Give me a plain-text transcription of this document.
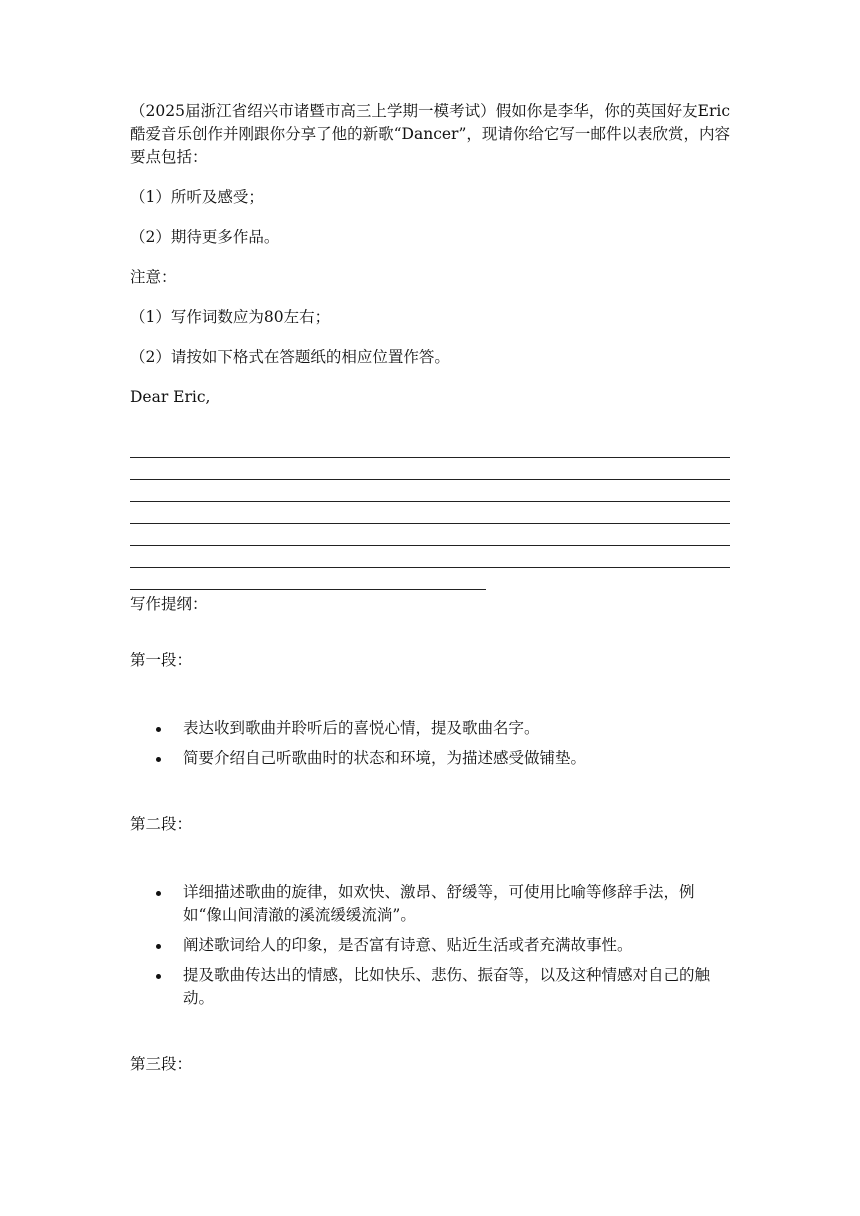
（2025届浙江省绍兴市诸暨市高三上学期一模考试）假如你是李华，你的英国好友Eric酷爱音乐创作并刚跟你分享了他的新歌“Dancer”，现请你给它写一邮件以表欣赏，内容要点包括：

（1）所听及感受；

（2）期待更多作品。

注意：

（1）写作词数应为80左右；

（2）请按如下格式在答题纸的相应位置作答。

Dear Eric,

写作提纲：

第一段：

表达收到歌曲并聆听后的喜悦心情，提及歌曲名字。
简要介绍自己听歌曲时的状态和环境，为描述感受做铺垫。

第二段：

详细描述歌曲的旋律，如欢快、激昂、舒缓等，可使用比喻等修辞手法，例如“像山间清澈的溪流缓缓流淌”。
阐述歌词给人的印象，是否富有诗意、贴近生活或者充满故事性。
提及歌曲传达出的情感，比如快乐、悲伤、振奋等，以及这种情感对自己的触动。

第三段：
